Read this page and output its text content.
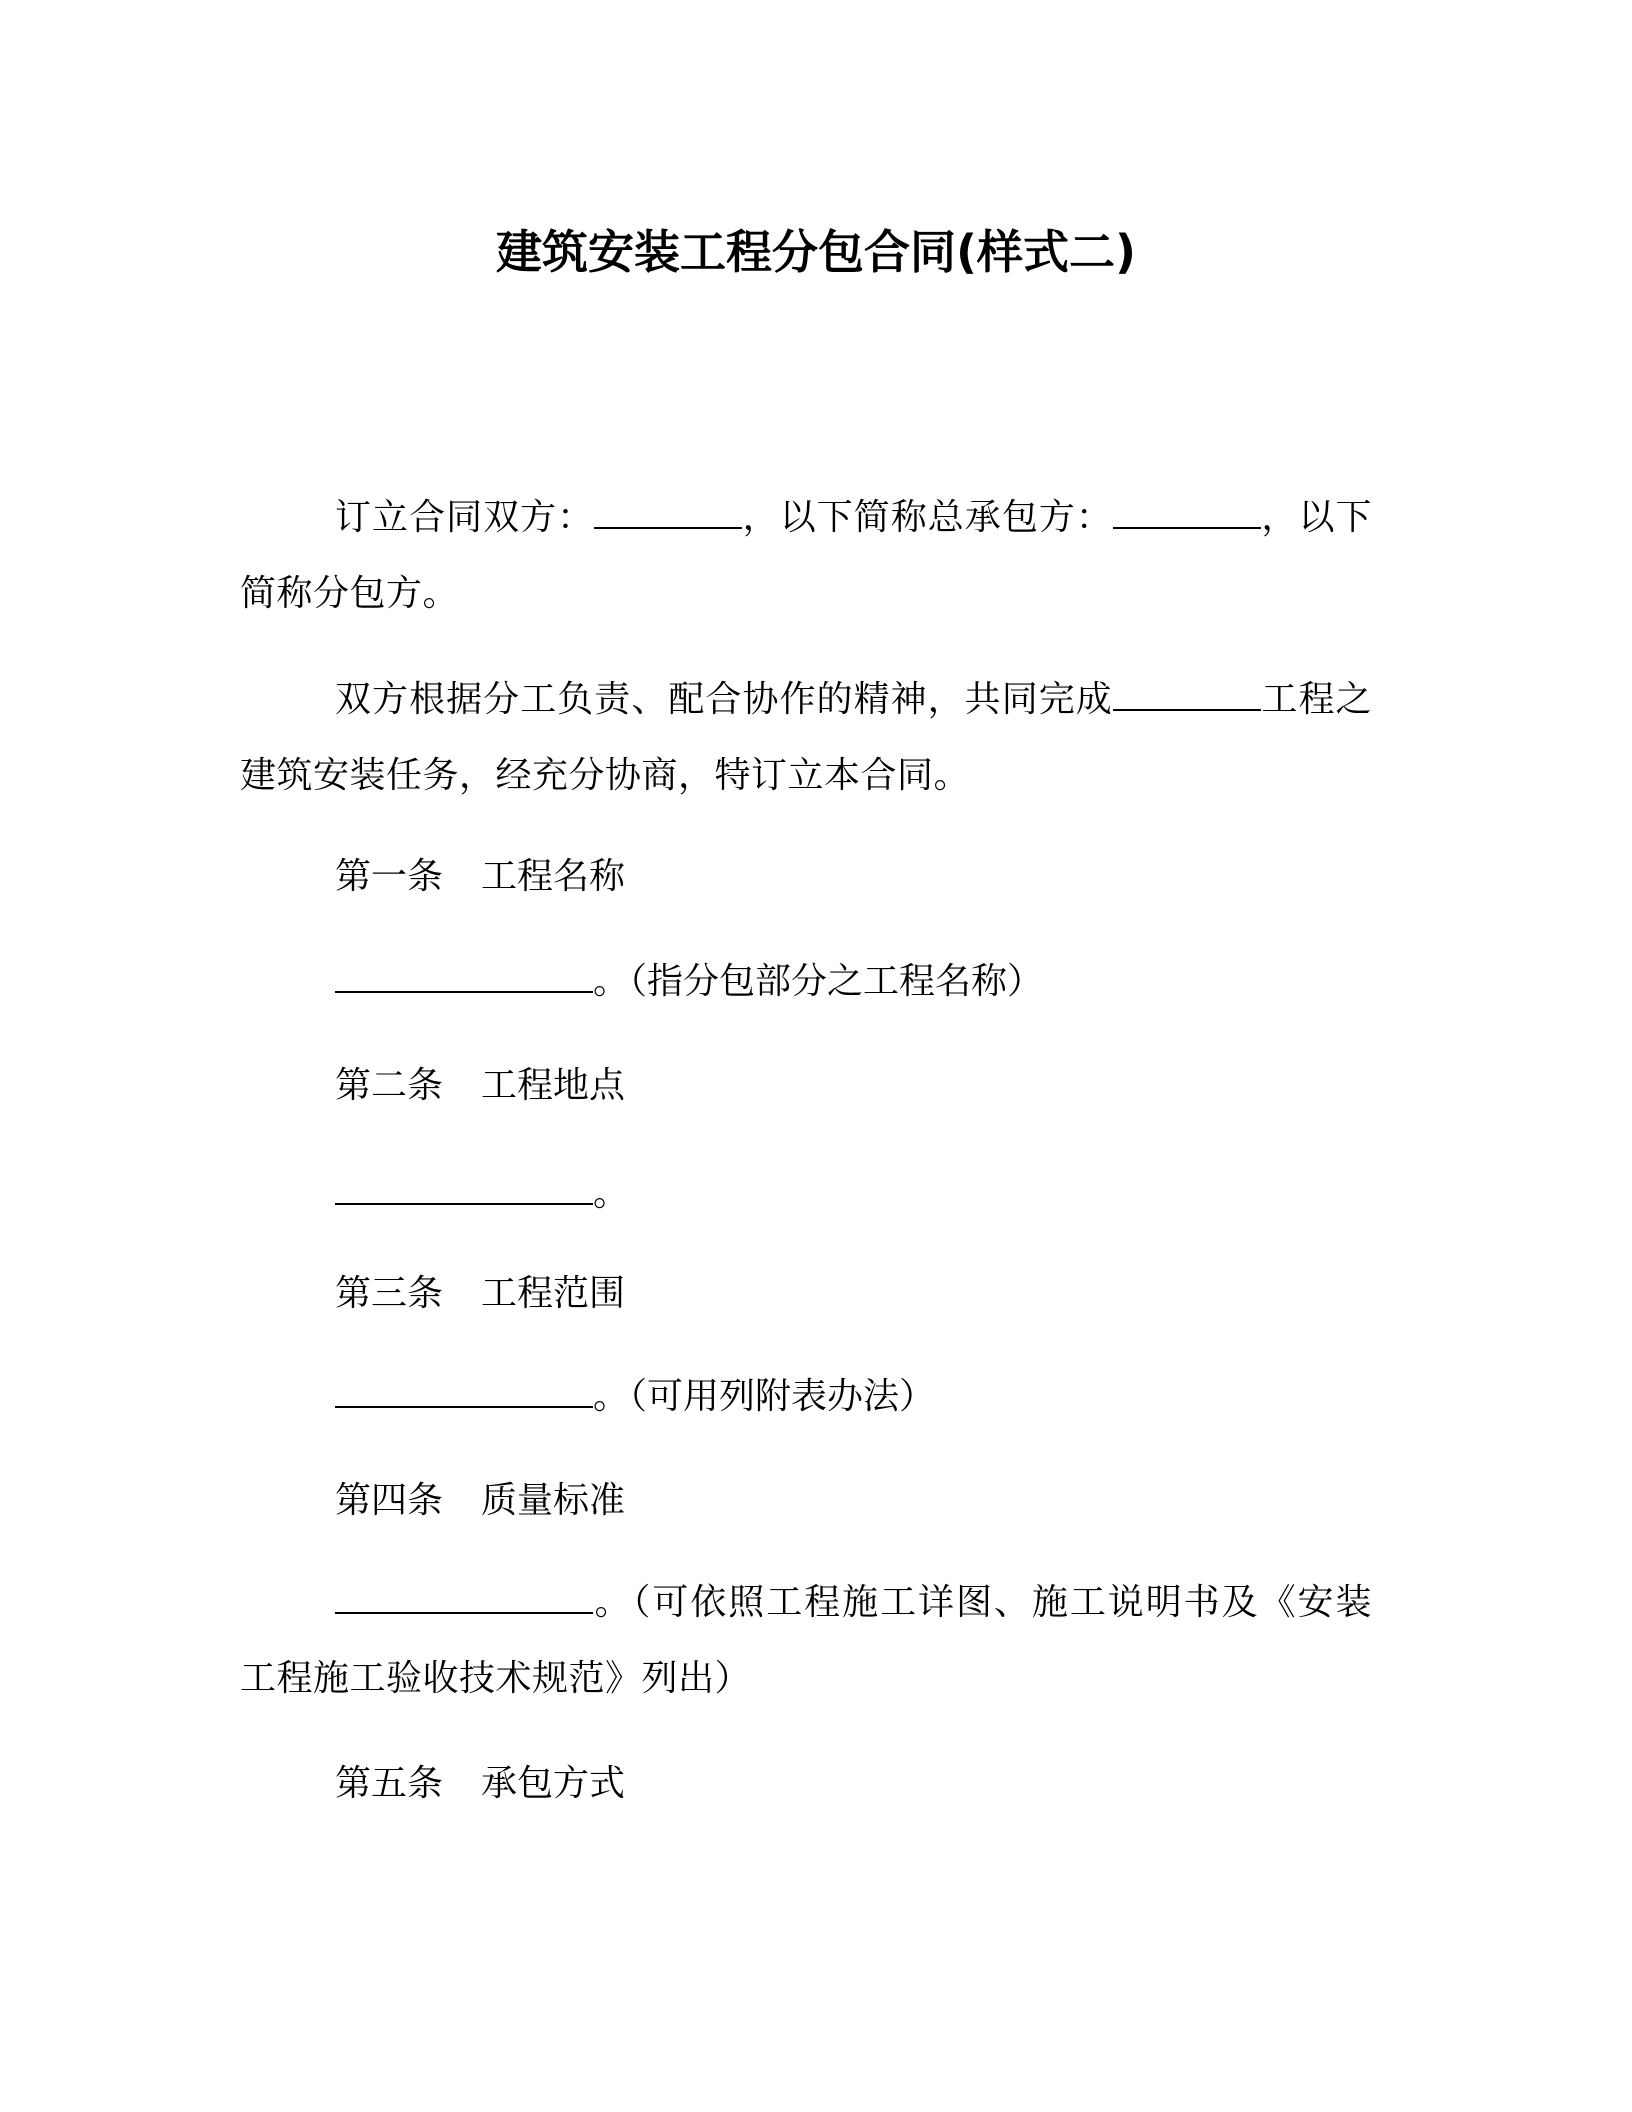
建筑安装工程分包合同(样式二)
订立合同双方：	，以下简称总承包方：	，以下简称分包方。
双方根据分工负责、配合协作的精神，共同完成	工程之建筑安装任务，经充分协商，特订立本合同。
第一条 工程名称
。（指分包部分之工程名称）
第二条 工程地点
。
第三条 工程范围
。（可用列附表办法）
第四条 质量标准
。（可依照工程施工详图、施工说明书及《安装工程施工验收技术规范》列出）
第五条 承包方式
